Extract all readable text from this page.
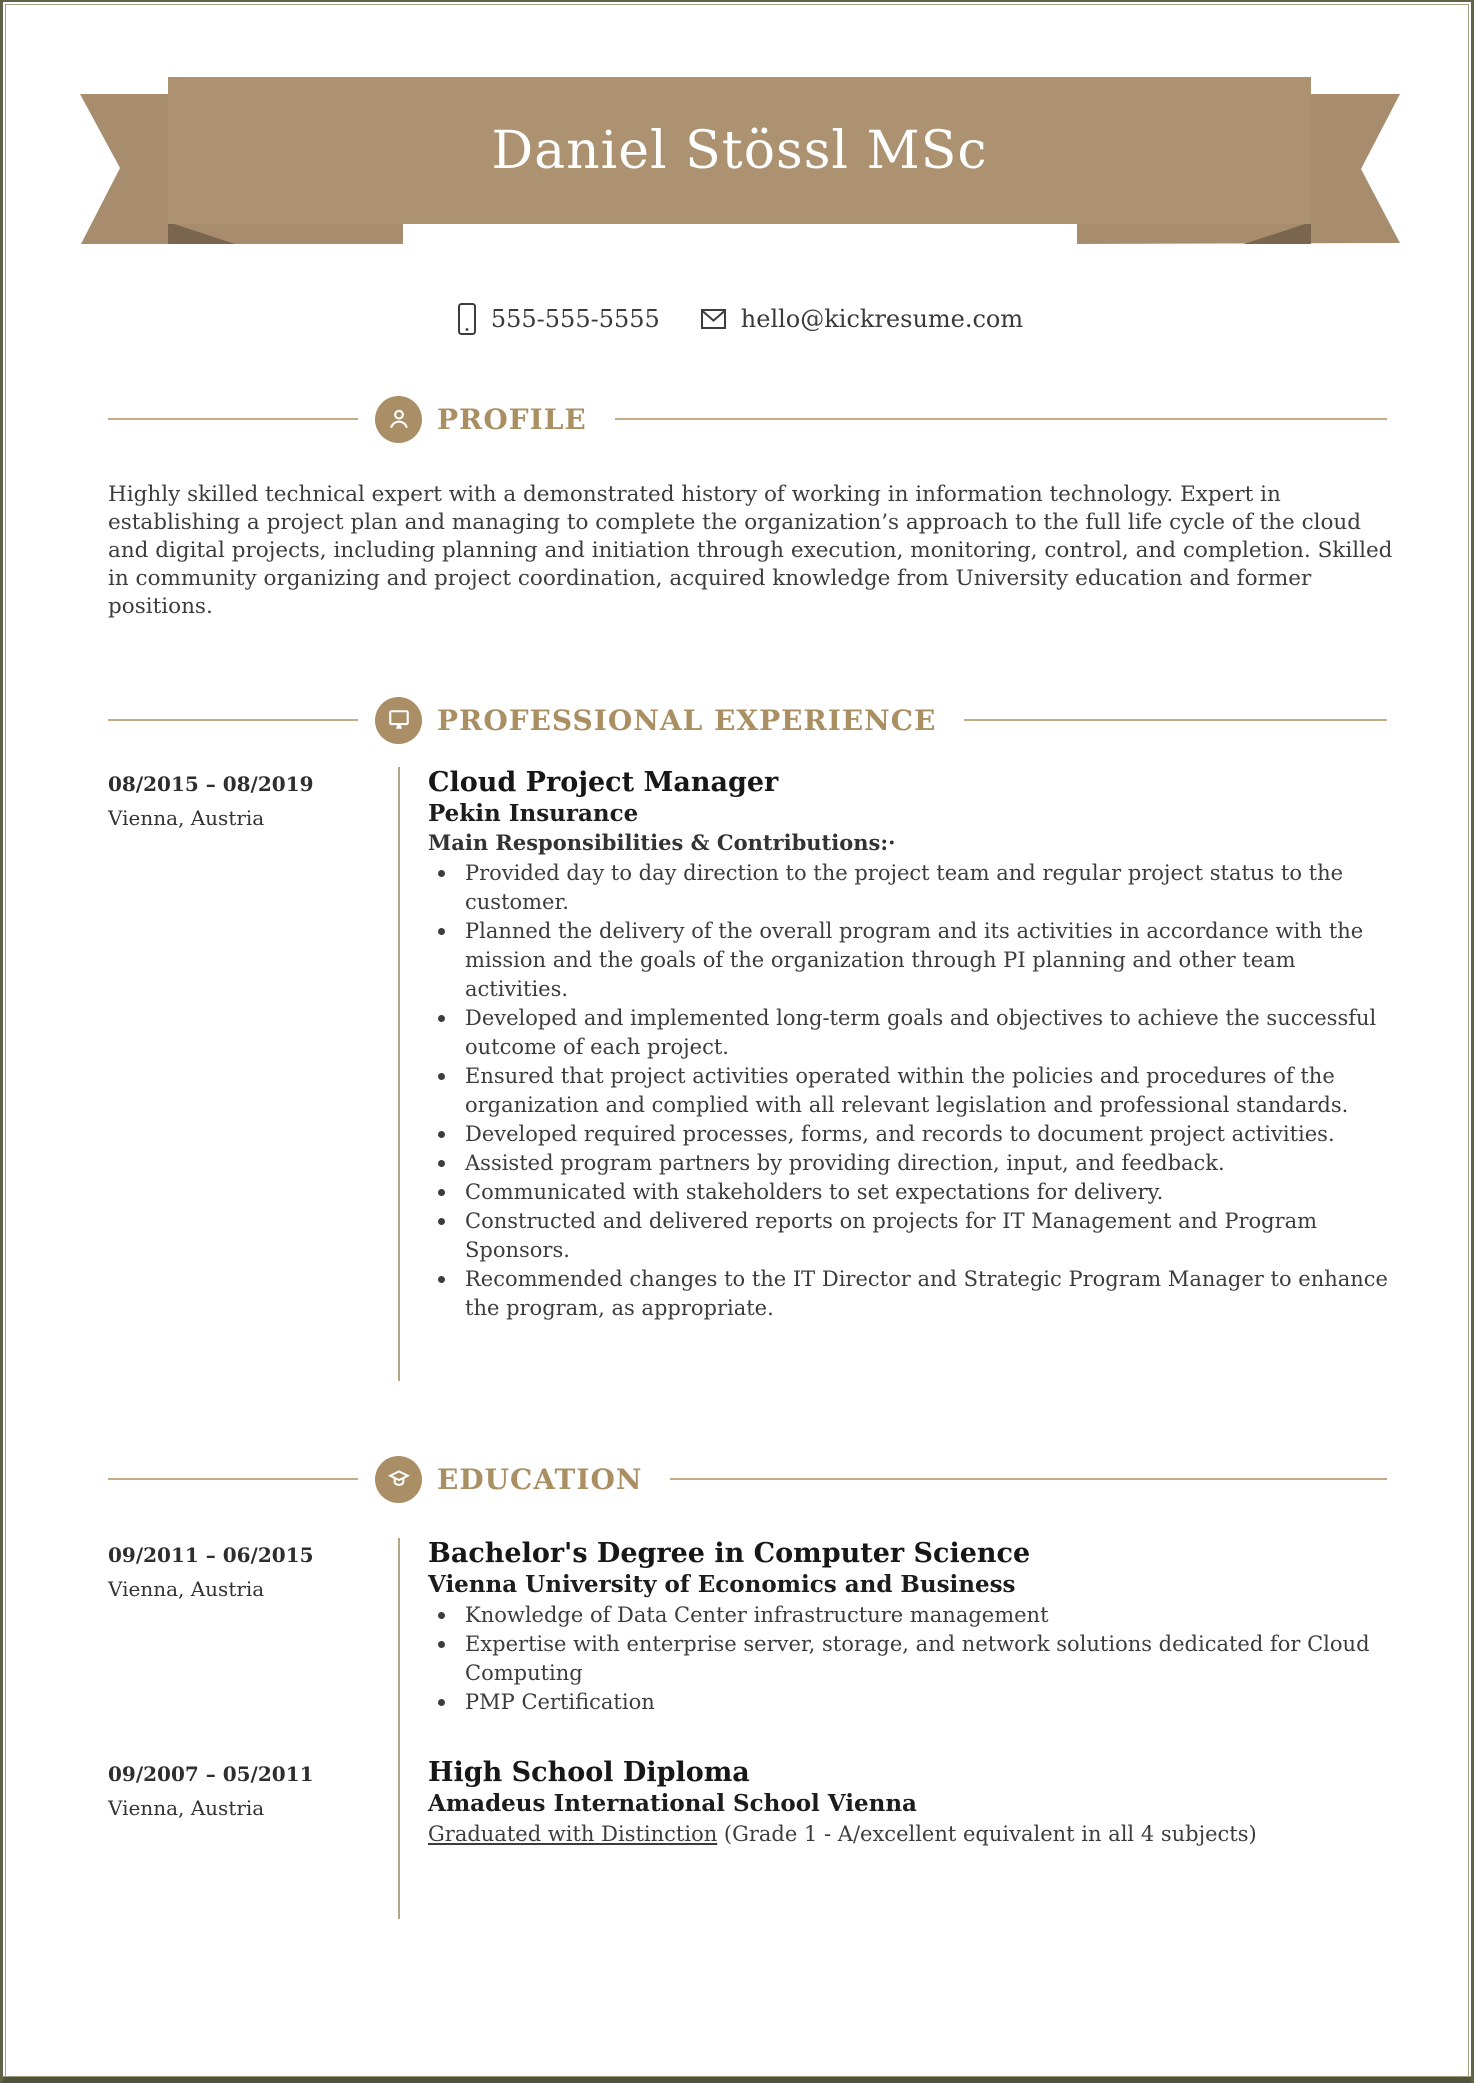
Daniel Stössl MSc
555-555-5555	hello@kickresume.com
PROFILE
Highly skilled technical expert with a demonstrated history of working in information technology. Expert in establishing a project plan and managing to complete the organization’s approach to the full life cycle of the cloud and digital projects, including planning and initiation through execution, monitoring, control, and completion. Skilled in community organizing and project coordination, acquired knowledge from University education and former positions.
PROFESSIONAL EXPERIENCE
08/2015 – 08/2019
Vienna, Austria
Cloud Project Manager
Pekin Insurance
Main Responsibilities & Contributions:·
Provided day to day direction to the project team and regular project status to the customer.
Planned the delivery of the overall program and its activities in accordance with the mission and the goals of the organization through PI planning and other team activities.
Developed and implemented long-term goals and objectives to achieve the successful outcome of each project.
Ensured that project activities operated within the policies and procedures of the organization and complied with all relevant legislation and professional standards.
Developed required processes, forms, and records to document project activities.
Assisted program partners by providing direction, input, and feedback.
Communicated with stakeholders to set expectations for delivery.
Constructed and delivered reports on projects for IT Management and Program Sponsors.
Recommended changes to the IT Director and Strategic Program Manager to enhance the program, as appropriate.
EDUCATION
09/2011 – 06/2015
Vienna, Austria
Bachelor's Degree in Computer Science
Vienna University of Economics and Business
Knowledge of Data Center infrastructure management
Expertise with enterprise server, storage, and network solutions dedicated for Cloud Computing
PMP Certification
09/2007 – 05/2011
Vienna, Austria
High School Diploma
Amadeus International School Vienna
Graduated with Distinction (Grade 1 - A/excellent equivalent in all 4 subjects)
